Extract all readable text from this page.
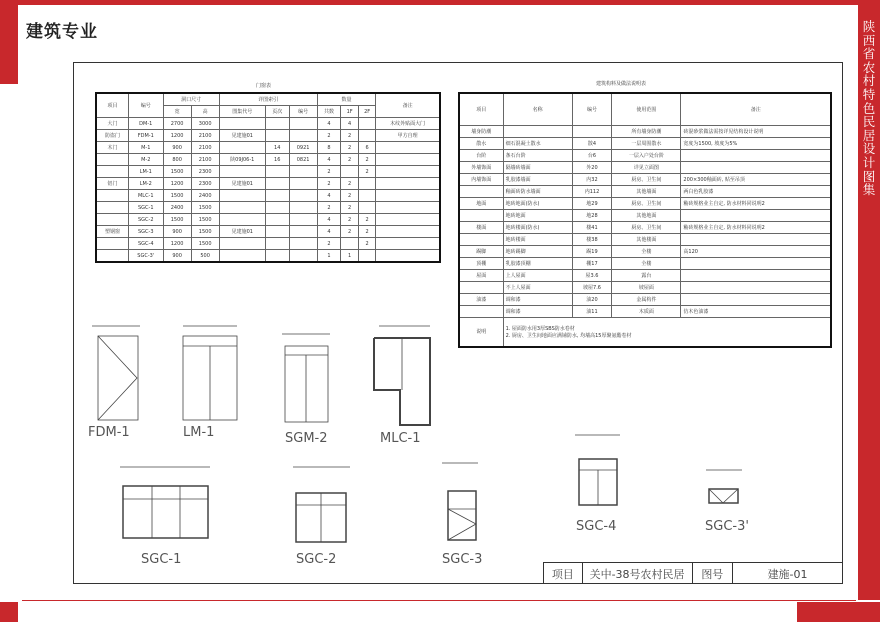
建筑专业	陕西省农村特色民居设计图集
门窗表
项目	编号	洞口尺寸		详图索引			数量			备注
		宽	高	图集代号	页次	编号	共数	1F	2F	
大门	DM-1	2700	3000				4	4		木纹外贴面大门
防盗门	FDM-1	1200	2100	见建施01			2	2		甲方自理
木门	M-1	900	2100		14	0921	8	2	6	
	M-2	800	2100	陕09J06-1	16	0821	4	2	2	
	LM-1	1500	2300				2		2	
铝门	LM-2	1200	2300	见建施01			2	2		
	MLC-1	1500	2400				4	2		
	SGC-1	2400	1500				2	2		
	SGC-2	1500	1500				4	2	2	
塑钢窗	SGC-3	900	1500	见建施01			4	2	2	
	SGC-4	1200	1500				2		2	
	SGC-3'	900	500				1	1		
建筑构料及做法说明表
项目	名称	编号	使用范围	备注
墙身防潮			所有墙身防潮	砖混砂浆做法需按详见结构设计说明
散水	细石混凝土散水	散4	一层周围散水	宽度为1500, 坡度为5%
台阶	条石台阶	台6	一层入户处台阶	
外墙饰面	隔墙砖墙面	外20	详见立面图	
内墙饰面	乳胶漆墙面	内32	厨房、卫生间	200×300釉面砖, 贴至吊顶
	釉面砖防水墙面	内112	其他墙面	两白色乳胶漆
地面	地砖地面(防水)	地29	厨房、卫生间	釉砖规格业主自定, 防水材料同说明2
	地砖地面	地28	其他地面	
楼面	地砖楼面(防水)	楼41	厨房、卫生间	釉砖规格业主自定, 防水材料同说明2
	地砖楼面	楼38	其他楼面	
踢脚	地砖踢脚	踢19	全楼	高120
顶棚	乳胶漆顶棚	棚17	全楼	
屋面	上人屋面	屋3.6	露台	
	不上人屋面	坡屋7.6	坡屋面	
油漆	调和漆	油20	金属构件	
	调和漆	油11	木质面	仿木色油漆
说明	1. 屋面防水用3厚SBS防水卷材
2. 厨房、卫生间地面应满铺防水, 均墙高15厚聚氨酯卷材			
FDM-1	LM-1	SGM-2	MLC-1
SGC-1	SGC-2	SGC-3
SGC-4	SGC-3'
项目	关中-38号农村民居	图号	建施-01
